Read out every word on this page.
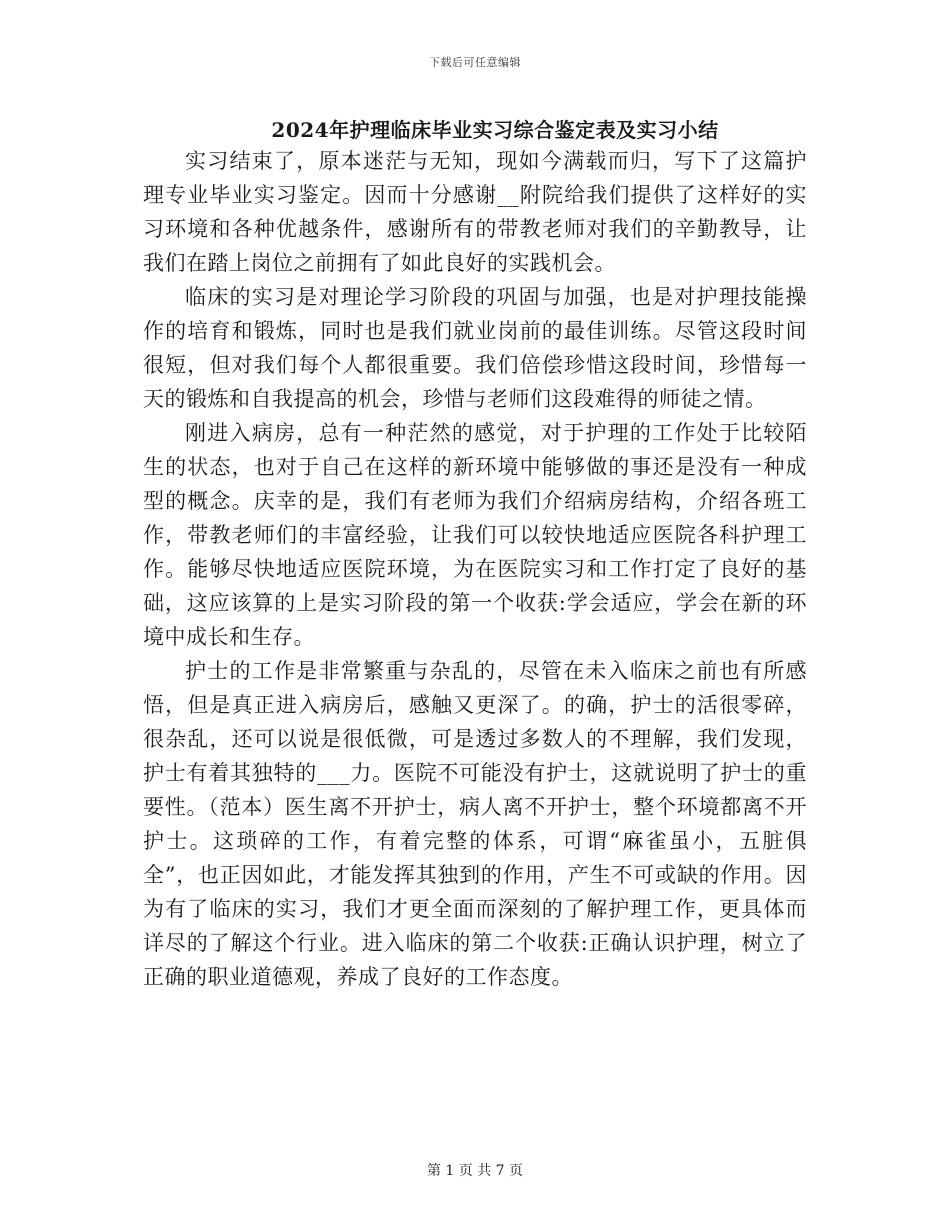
下载后可任意编辑
2024年护理临床毕业实习综合鉴定表及实习小结

实习结束了，原本迷茫与无知，现如今满载而归，写下了这篇护理专业毕业实习鉴定。因而十分感谢__附院给我们提供了这样好的实习环境和各种优越条件，感谢所有的带教老师对我们的辛勤教导，让我们在踏上岗位之前拥有了如此良好的实践机会。

临床的实习是对理论学习阶段的巩固与加强，也是对护理技能操作的培育和锻炼，同时也是我们就业岗前的最佳训练。尽管这段时间很短，但对我们每个人都很重要。我们倍偿珍惜这段时间，珍惜每一天的锻炼和自我提高的机会，珍惜与老师们这段难得的师徒之情。

刚进入病房，总有一种茫然的感觉，对于护理的工作处于比较陌生的状态，也对于自己在这样的新环境中能够做的事还是没有一种成型的概念。庆幸的是，我们有老师为我们介绍病房结构，介绍各班工作，带教老师们的丰富经验，让我们可以较快地适应医院各科护理工作。能够尽快地适应医院环境，为在医院实习和工作打定了良好的基础，这应该算的上是实习阶段的第一个收获:学会适应，学会在新的环境中成长和生存。

护士的工作是非常繁重与杂乱的，尽管在未入临床之前也有所感悟，但是真正进入病房后，感触又更深了。的确，护士的活很零碎，很杂乱，还可以说是很低微，可是透过多数人的不理解，我们发现，护士有着其独特的___力。医院不可能没有护士，这就说明了护士的重要性。（范本）医生离不开护士，病人离不开护士，整个环境都离不开护士。这琐碎的工作，有着完整的体系，可谓“麻雀虽小，五脏俱全”，也正因如此，才能发挥其独到的作用，产生不可或缺的作用。因为有了临床的实习，我们才更全面而深刻的了解护理工作，更具体而详尽的了解这个行业。进入临床的第二个收获:正确认识护理，树立了正确的职业道德观，养成了良好的工作态度。

第 1 页 共 7 页
